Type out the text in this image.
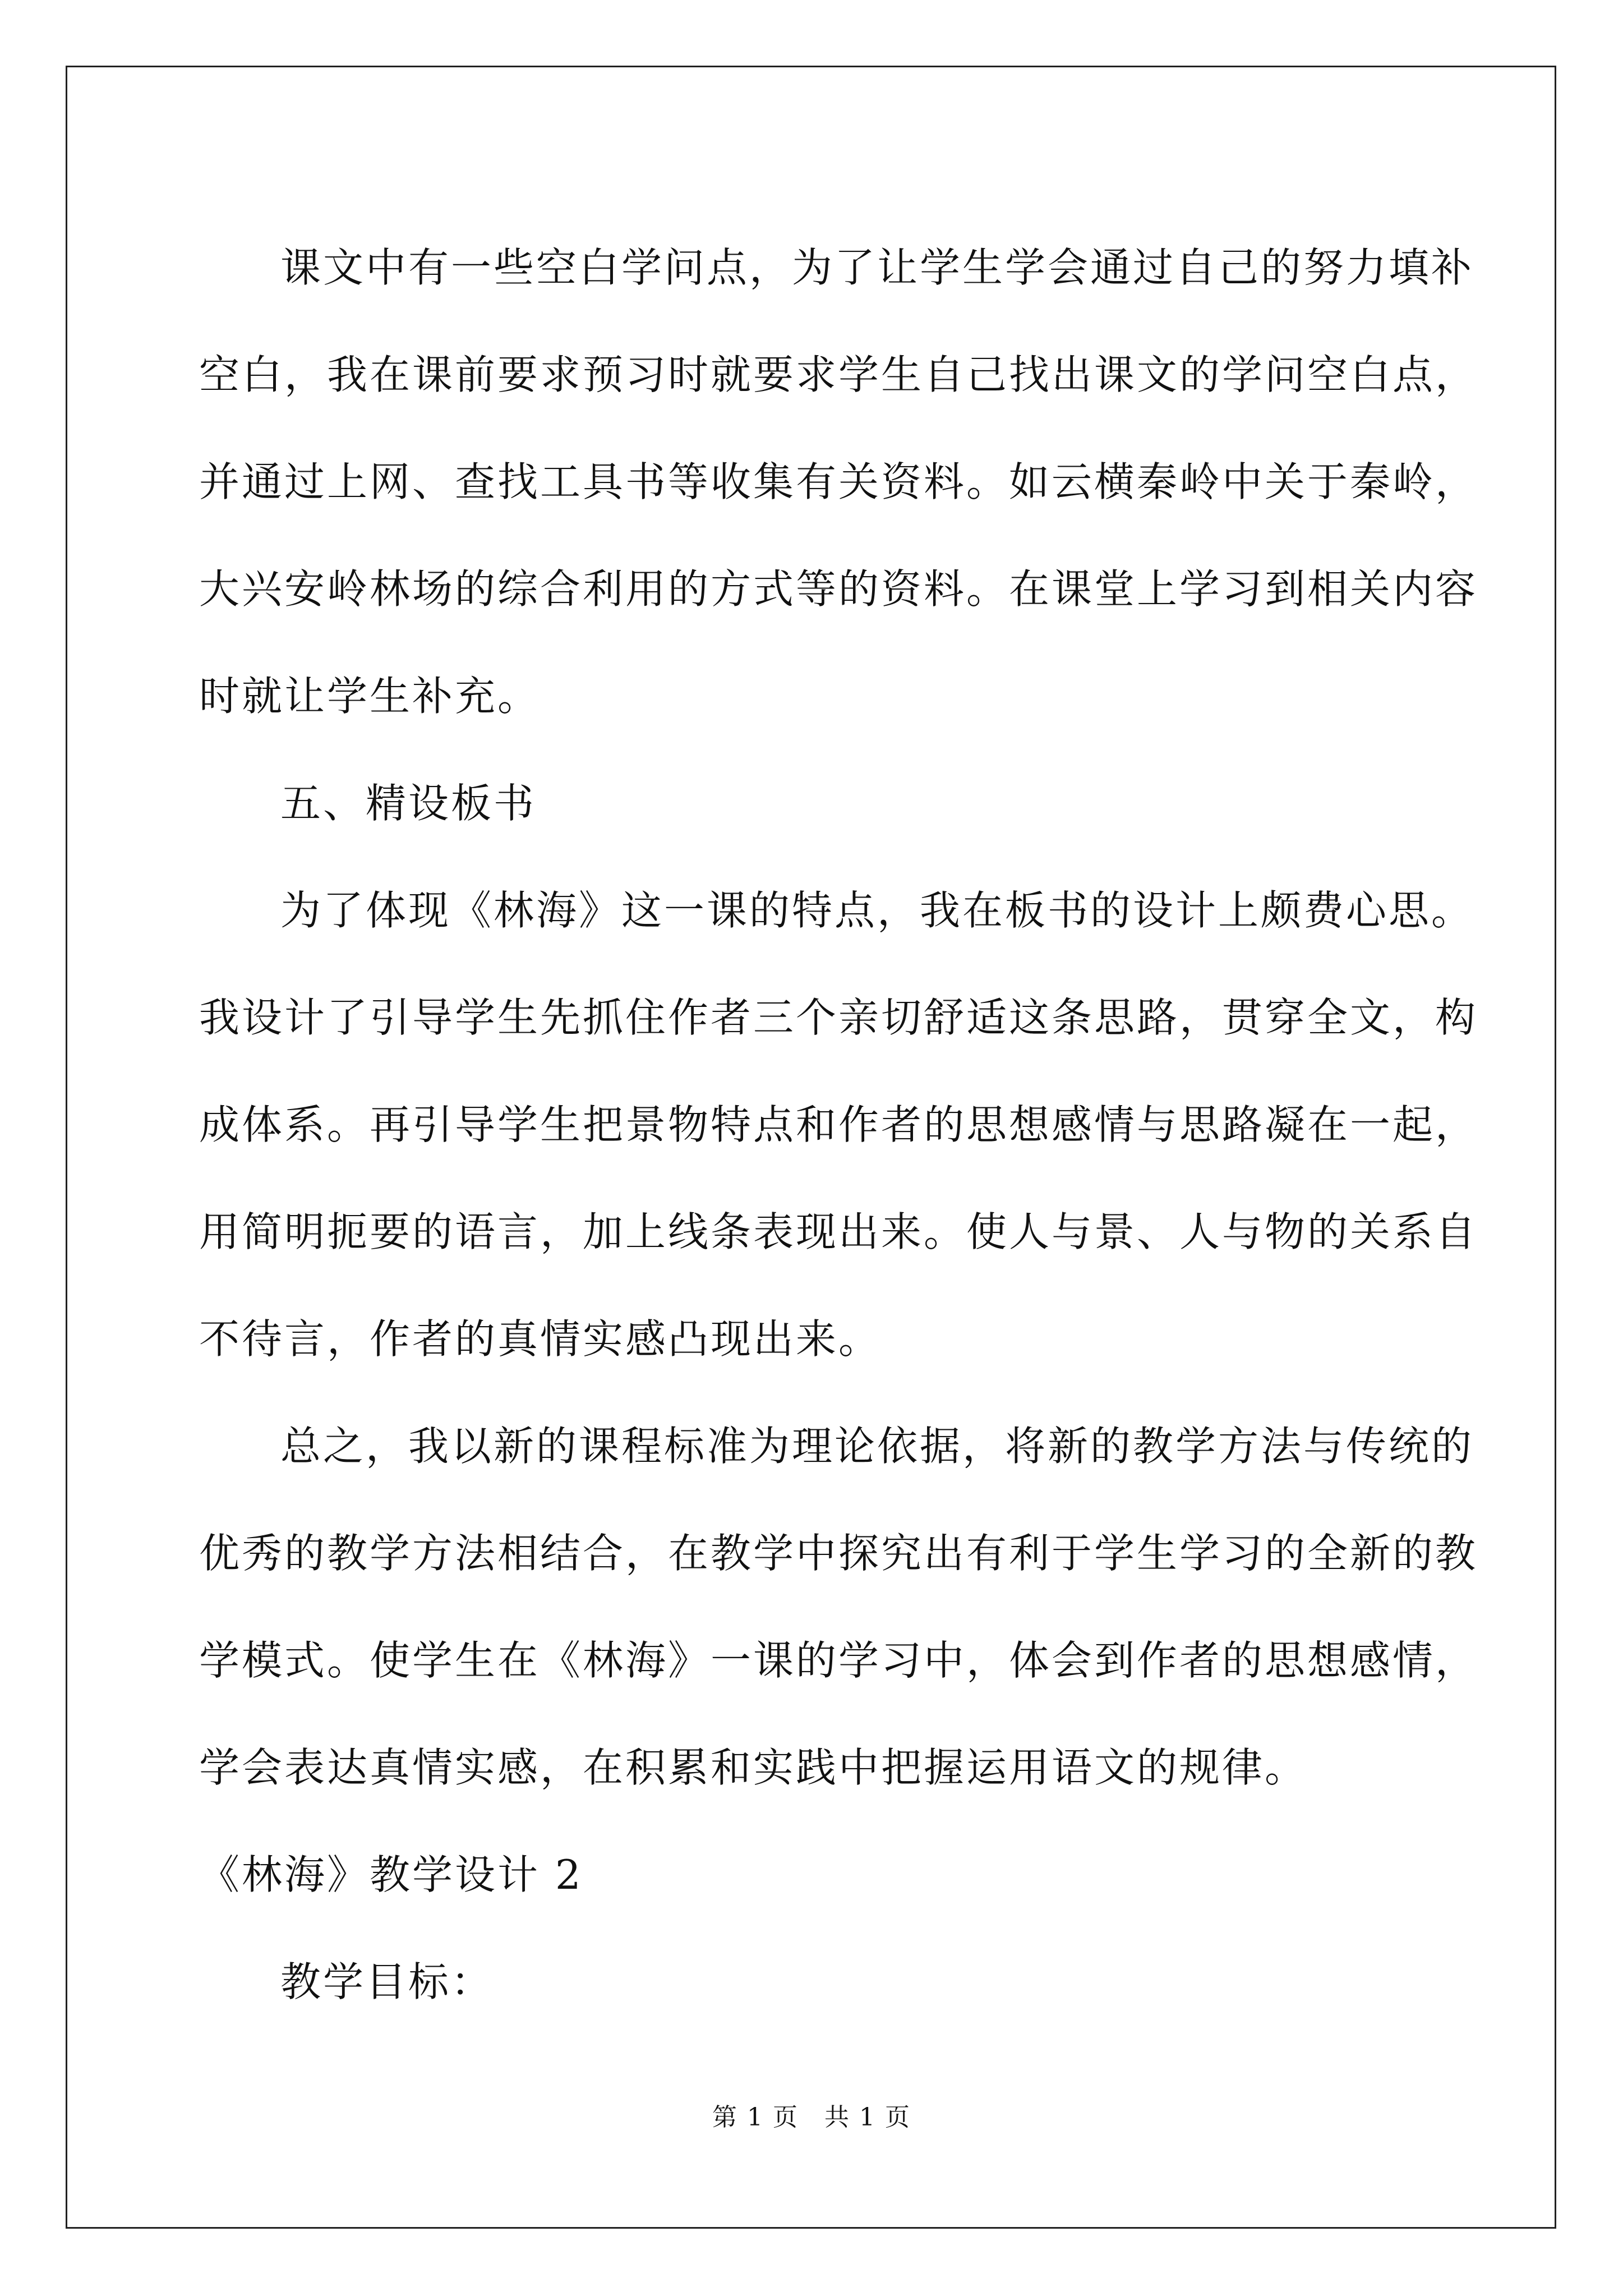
课文中有一些空白学问点，为了让学生学会通过自己的努力填补

空白，我在课前要求预习时就要求学生自己找出课文的学问空白点，

并通过上网、查找工具书等收集有关资料。如云横秦岭中关于秦岭，

大兴安岭林场的综合利用的方式等的资料。在课堂上学习到相关内容

时就让学生补充。

五、精设板书

为了体现《林海》这一课的特点，我在板书的设计上颇费心思。

我设计了引导学生先抓住作者三个亲切舒适这条思路，贯穿全文，构

成体系。再引导学生把景物特点和作者的思想感情与思路凝在一起，

用简明扼要的语言，加上线条表现出来。使人与景、人与物的关系自

不待言，作者的真情实感凸现出来。

总之，我以新的课程标准为理论依据，将新的教学方法与传统的

优秀的教学方法相结合，在教学中探究出有利于学生学习的全新的教

学模式。使学生在《林海》一课的学习中，体会到作者的思想感情，

学会表达真情实感，在积累和实践中把握运用语文的规律。

《林海》教学设计 2

教学目标：

第 1 页　共 1 页
